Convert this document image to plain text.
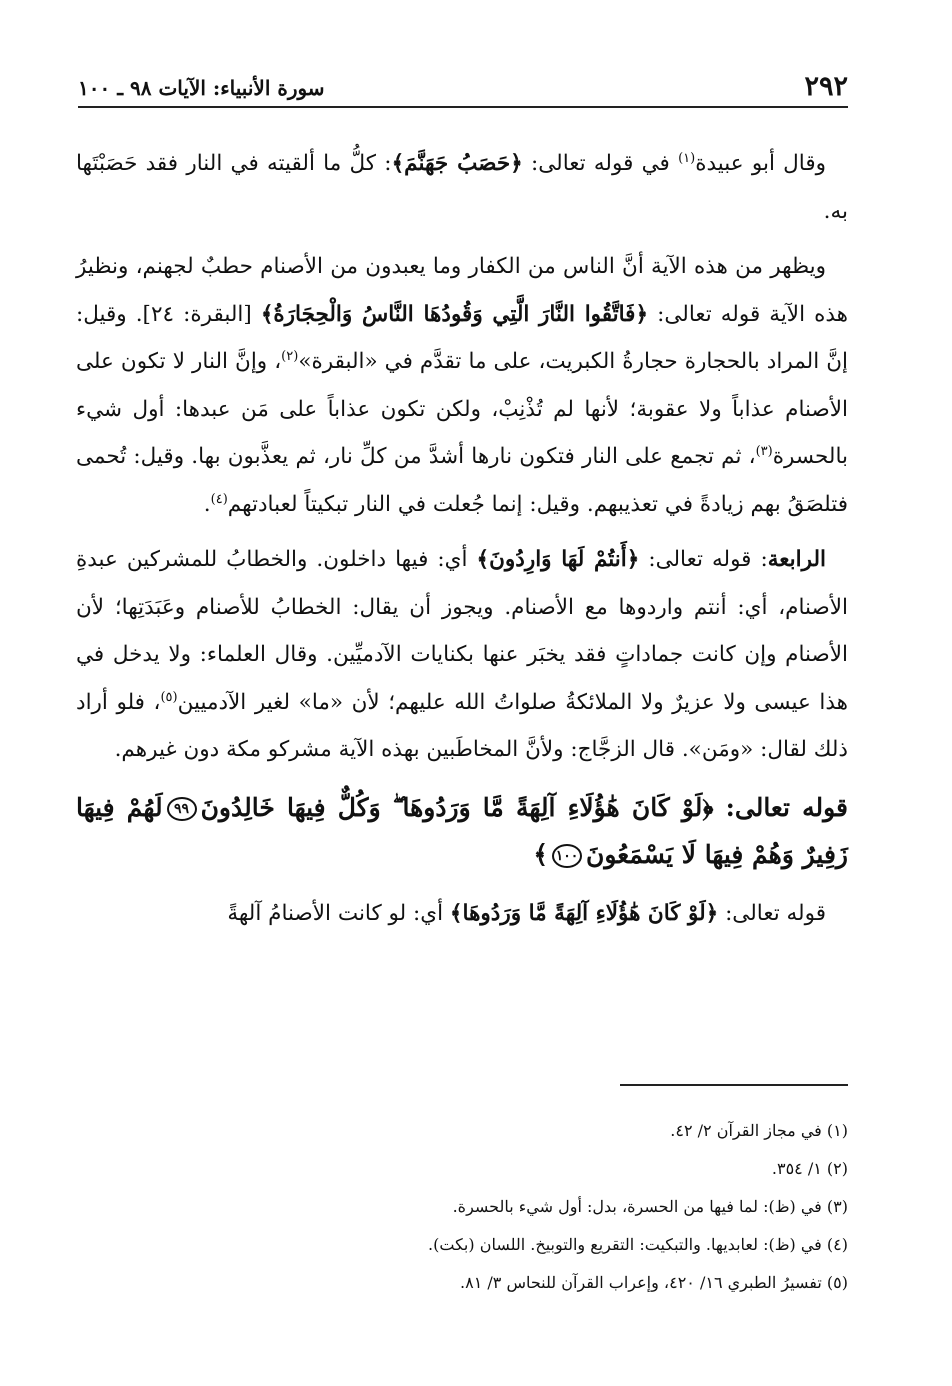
٢٩٢
سورة الأنبياء: الآيات ٩٨ ـ ١٠٠

وقال أبو عبيدة$^{(١)}$ في قوله تعالى: ﴿حَصَبُ جَهَنَّمَ﴾: كلُّ ما ألقيته في النار فقد حَصَبْتَها به.

ويظهر من هذه الآية أنَّ الناس من الكفار وما يعبدون من الأصنام حطبٌ لجهنم، ونظيرُ هذه الآية قوله تعالى: ﴿فَاتَّقُوا النَّارَ الَّتِي وَقُودُهَا النَّاسُ وَالْحِجَارَةُ﴾ [البقرة: ٢٤]. وقيل: إنَّ المراد بالحجارة حجارةُ الكبريت، على ما تقدَّم في «البقرة»$^{(٢)}$، وإنَّ النار لا تكون على الأصنام عذاباً ولا عقوبة؛ لأنها لم تُذْنِبْ، ولكن تكون عذاباً على مَن عبدها: أول شيء بالحسرة$^{(٣)}$، ثم تجمع على النار فتكون نارها أشدَّ من كلِّ نار، ثم يعذَّبون بها. وقيل: تُحمى فتلصَقُ بهم زيادةً في تعذيبهم. وقيل: إنما جُعلت في النار تبكيتاً لعبادتهم$^{(٤)}$.

الرابعة: قوله تعالى: ﴿أَنتُمْ لَهَا وَارِدُونَ﴾ أي: فيها داخلون. والخطابُ للمشركين عبدةِ الأصنام، أي: أنتم واردوها مع الأصنام. ويجوز أن يقال: الخطابُ للأصنام وعَبَدَتِها؛ لأن الأصنام وإن كانت جماداتٍ فقد يخبَر عنها بكنايات الآدميِّين. وقال العلماء: ولا يدخل في هذا عيسى ولا عزيرٌ ولا الملائكةُ صلواتُ الله عليهم؛ لأن «ما» لغير الآدميين$^{(٥)}$، فلو أراد ذلك لقال: «ومَن». قال الزجَّاج: ولأنَّ المخاطَبين بهذه الآية مشركو مكة دون غيرهم.

قوله تعالى: ﴿لَوْ كَانَ هَٰؤُلَاءِ آلِهَةً مَّا وَرَدُوهَا ۖ وَكُلٌّ فِيهَا خَالِدُونَ٩٩لَهُمْ فِيهَا زَفِيرٌ وَهُمْ فِيهَا لَا يَسْمَعُونَ١٠٠﴾

قوله تعالى: ﴿لَوْ كَانَ هَٰؤُلَاءِ آلِهَةً مَّا وَرَدُوهَا﴾ أي: لو كانت الأصنامُ آلهةً

(١) في مجاز القرآن ٢/ ٤٢.

(٢) ١/ ٣٥٤.

(٣) في (ظ): لما فيها من الحسرة، بدل: أول شيء بالحسرة.

(٤) في (ظ): لعابديها. والتبكيت: التقريع والتوبيخ. اللسان (بكت).

(٥) تفسيرُ الطبري ١٦/ ٤٢٠، وإعراب القرآن للنحاس ٣/ ٨١.
